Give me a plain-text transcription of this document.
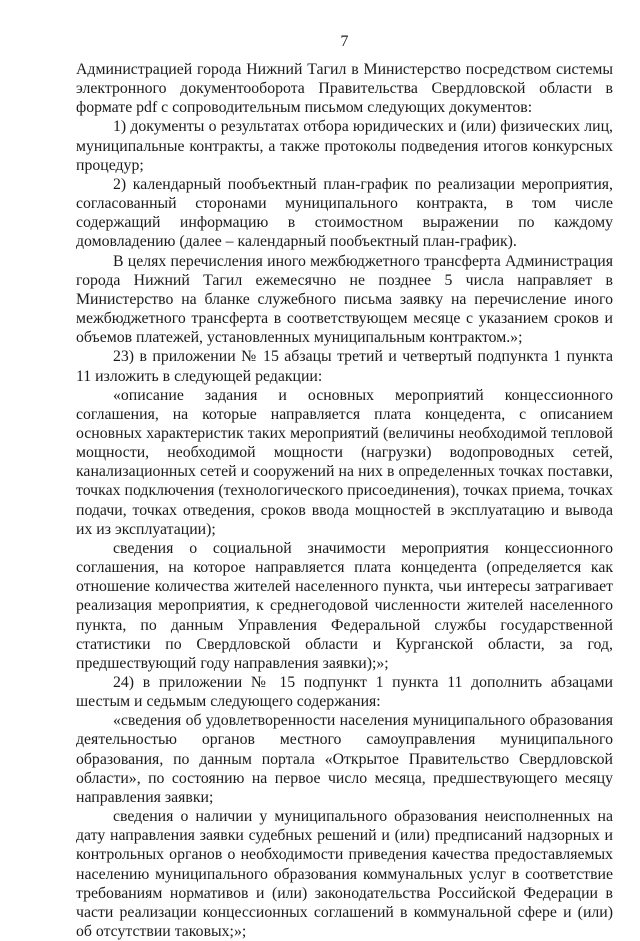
7

Администрацией города Нижний Тагил в Министерство посредством системы электронного документооборота Правительства Свердловской области в формате pdf с сопроводительным письмом следующих документов:

1) документы о результатах отбора юридических и (или) физических лиц, муниципальные контракты, а также протоколы подведения итогов конкурсных процедур;

2) календарный пообъектный план-график по реализации мероприятия, согласованный сторонами муниципального контракта, в том числе содержащий информацию в стоимостном выражении по каждому домовладению (далее – календарный пообъектный план-график).

В целях перечисления иного межбюджетного трансферта Администрация города Нижний Тагил ежемесячно не позднее 5 числа направляет в Министерство на бланке служебного письма заявку на перечисление иного межбюджетного трансферта в соответствующем месяце с указанием сроков и объемов платежей, установленных муниципальным контрактом.»;

23) в приложении № 15 абзацы третий и четвертый подпункта 1 пункта 11 изложить в следующей редакции:

«описание задания и основных мероприятий концессионного соглашения, на которые направляется плата концедента, с описанием основных характеристик таких мероприятий (величины необходимой тепловой мощности, необходимой мощности (нагрузки) водопроводных сетей, канализационных сетей и сооружений на них в определенных точках поставки, точках подключения (технологического присоединения), точках приема, точках подачи, точках отведения, сроков ввода мощностей в эксплуатацию и вывода их из эксплуатации);

сведения о социальной значимости мероприятия концессионного соглашения, на которое направляется плата концедента (определяется как отношение количества жителей населенного пункта, чьи интересы затрагивает реализация мероприятия, к среднегодовой численности жителей населенного пункта, по данным Управления Федеральной службы государственной статистики по Свердловской области и Курганской области, за год, предшествующий году направления заявки);»;

24) в приложении № 15 подпункт 1 пункта 11 дополнить абзацами шестым и седьмым следующего содержания:

«сведения об удовлетворенности населения муниципального образования деятельностью органов местного самоуправления муниципального образования, по данным портала «Открытое Правительство Свердловской области», по состоянию на первое число месяца, предшествующего месяцу направления заявки;

сведения о наличии у муниципального образования неисполненных на дату направления заявки судебных решений и (или) предписаний надзорных и контрольных органов о необходимости приведения качества предоставляемых населению муниципального образования коммунальных услуг в соответствие требованиям нормативов и (или) законодательства Российской Федерации в части реализации концессионных соглашений в коммунальной сфере и (или) об отсутствии таковых;»;
